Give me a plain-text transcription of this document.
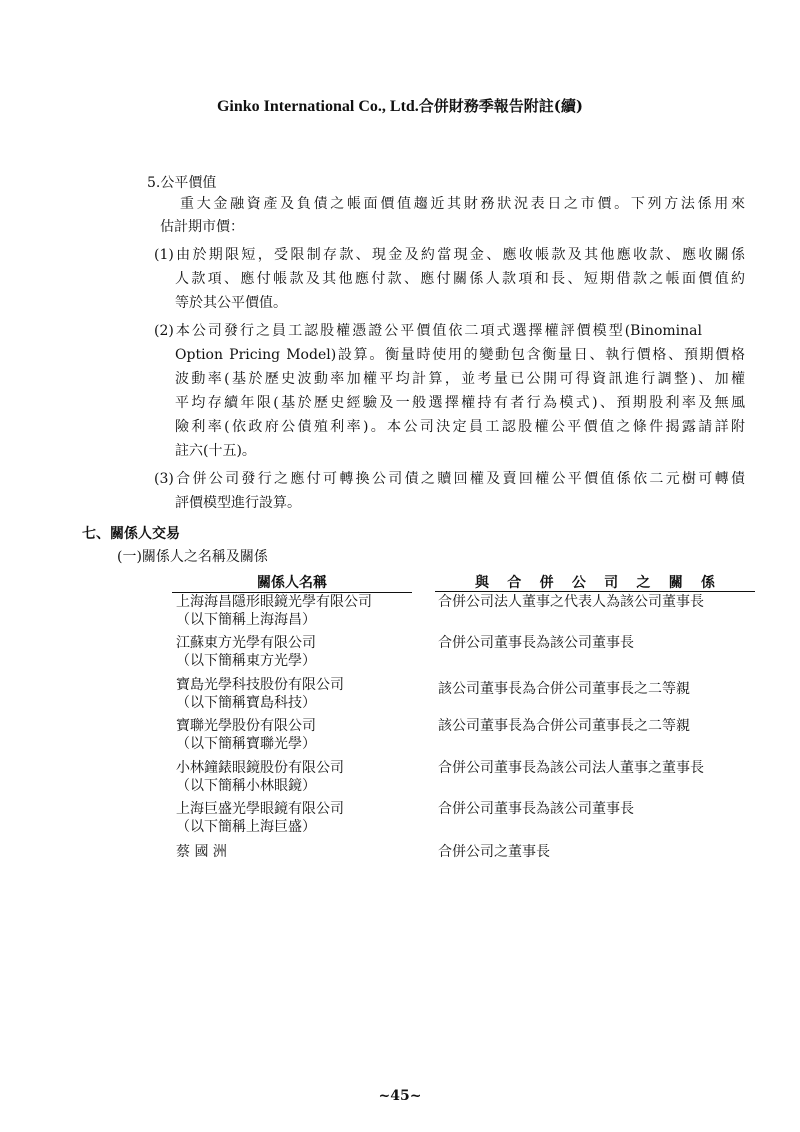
Ginko International Co., Ltd.合併財務季報告附註(續)
5.公平價值
重大金融資產及負債之帳面價值趨近其財務狀況表日之市價。下列方法係用來
估計期市價：
(1)由於期限短，受限制存款、現金及約當現金、應收帳款及其他應收款、應收關係
人款項、應付帳款及其他應付款、應付關係人款項和長、短期借款之帳面價值約
等於其公平價值。
(2)本公司發行之員工認股權憑證公平價值依二項式選擇權評價模型(Binominal
Option Pricing Model)設算。衡量時使用的變動包含衡量日、執行價格、預期價格
波動率(基於歷史波動率加權平均計算，並考量已公開可得資訊進行調整)、加權
平均存續年限(基於歷史經驗及一般選擇權持有者行為模式)、預期股利率及無風
險利率(依政府公債殖利率)。本公司決定員工認股權公平價值之條件揭露請詳附
註六(十五)。
(3)合併公司發行之應付可轉換公司債之贖回權及賣回權公平價值係依二元樹可轉債
評價模型進行設算。
七、關係人交易
(一)關係人之名稱及關係
關係人名稱	與 合 併 公 司 之 關 係
上海海昌隱形眼鏡光學有限公司
（以下簡稱上海海昌）
合併公司法人董事之代表人為該公司董事長
江蘇東方光學有限公司
（以下簡稱東方光學）
合併公司董事長為該公司董事長
寶島光學科技股份有限公司
（以下簡稱寶島科技）
該公司董事長為合併公司董事長之二等親
寶聯光學股份有限公司
（以下簡稱寶聯光學）
該公司董事長為合併公司董事長之二等親
小林鐘錶眼鏡股份有限公司
（以下簡稱小林眼鏡）
合併公司董事長為該公司法人董事之董事長
上海巨盛光學眼鏡有限公司
（以下簡稱上海巨盛）
合併公司董事長為該公司董事長
蔡 國 洲	合併公司之董事長
~45~
